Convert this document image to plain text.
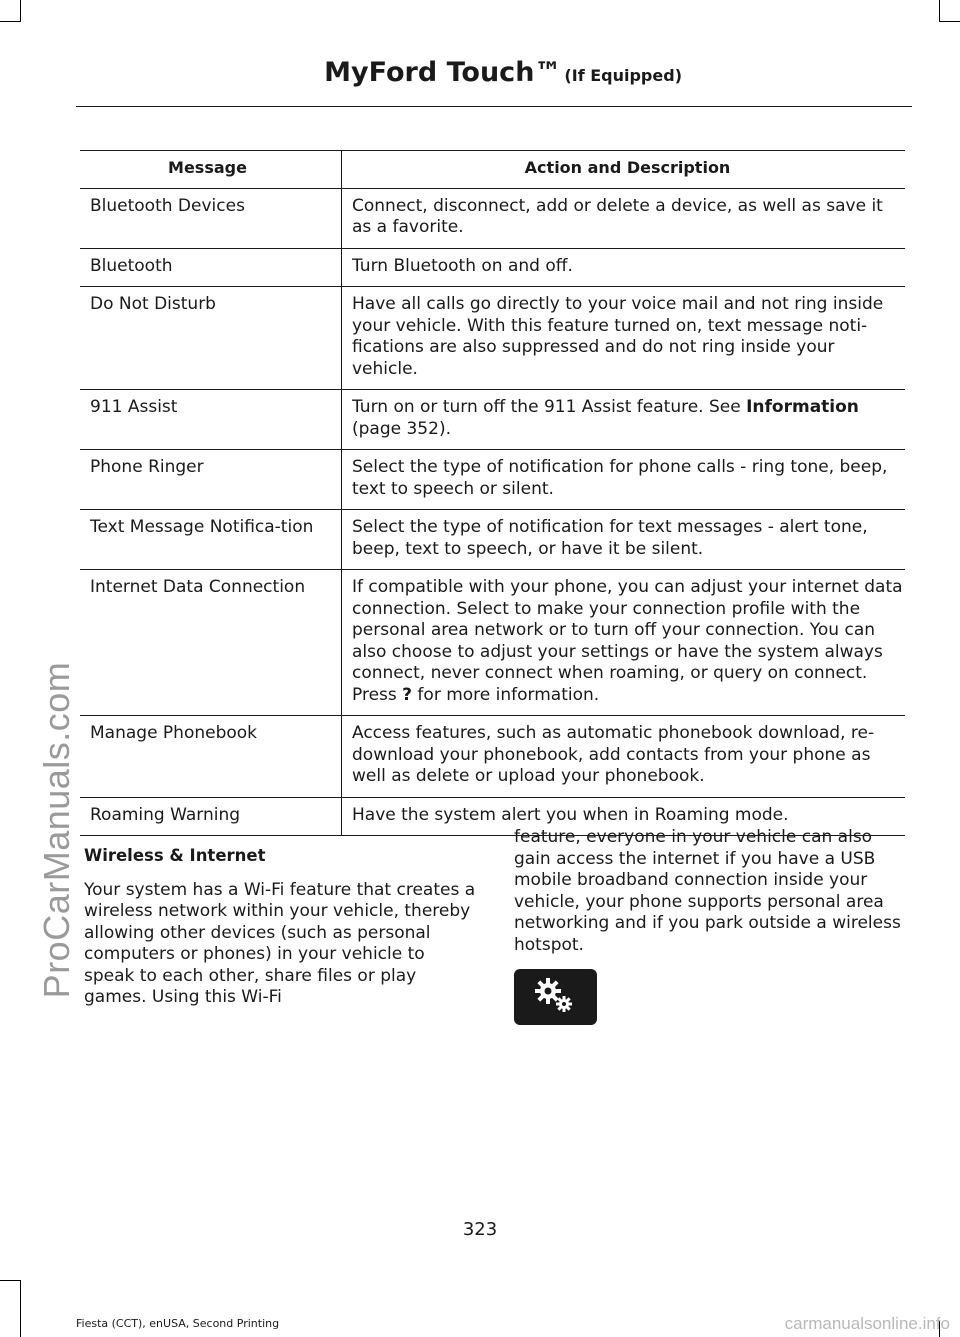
ProCarManuals.com
MyFord Touch™ (If Equipped)
Message	Action and Description
Bluetooth Devices	Connect, disconnect, add or delete a device, as well as save it as a favorite.
Bluetooth	Turn Bluetooth on and off.
Do Not Disturb	Have all calls go directly to your voice mail and not ring inside your vehicle. With this feature turned on, text message noti-fications are also suppressed and do not ring inside your vehicle.
911 Assist	Turn on or turn off the 911 Assist feature. See Information (page 352).
Phone Ringer	Select the type of notification for phone calls - ring tone, beep, text to speech or silent.
Text Message Notifica-tion	Select the type of notification for text messages - alert tone, beep, text to speech, or have it be silent.
Internet Data Connection	If compatible with your phone, you can adjust your internet data connection. Select to make your connection profile with the personal area network or to turn off your connection. You can also choose to adjust your settings or have the system always connect, never connect when roaming, or query on connect. Press ? for more information.
Manage Phonebook	Access features, such as automatic phonebook download, re-download your phonebook, add contacts from your phone as well as delete or upload your phonebook.
Roaming Warning	Have the system alert you when in Roaming mode.
Wireless & Internet

Your system has a Wi-Fi feature that creates a wireless network within your vehicle, thereby allowing other devices (such as personal computers or phones) in your vehicle to speak to each other, share files or play games. Using this Wi-Fi

feature, everyone in your vehicle can also gain access the internet if you have a USB mobile broadband connection inside your vehicle, your phone supports personal area networking and if you park outside a wireless hotspot.

323
Fiesta (CCT), enUSA, Second Printing	carmanualsonline.info
